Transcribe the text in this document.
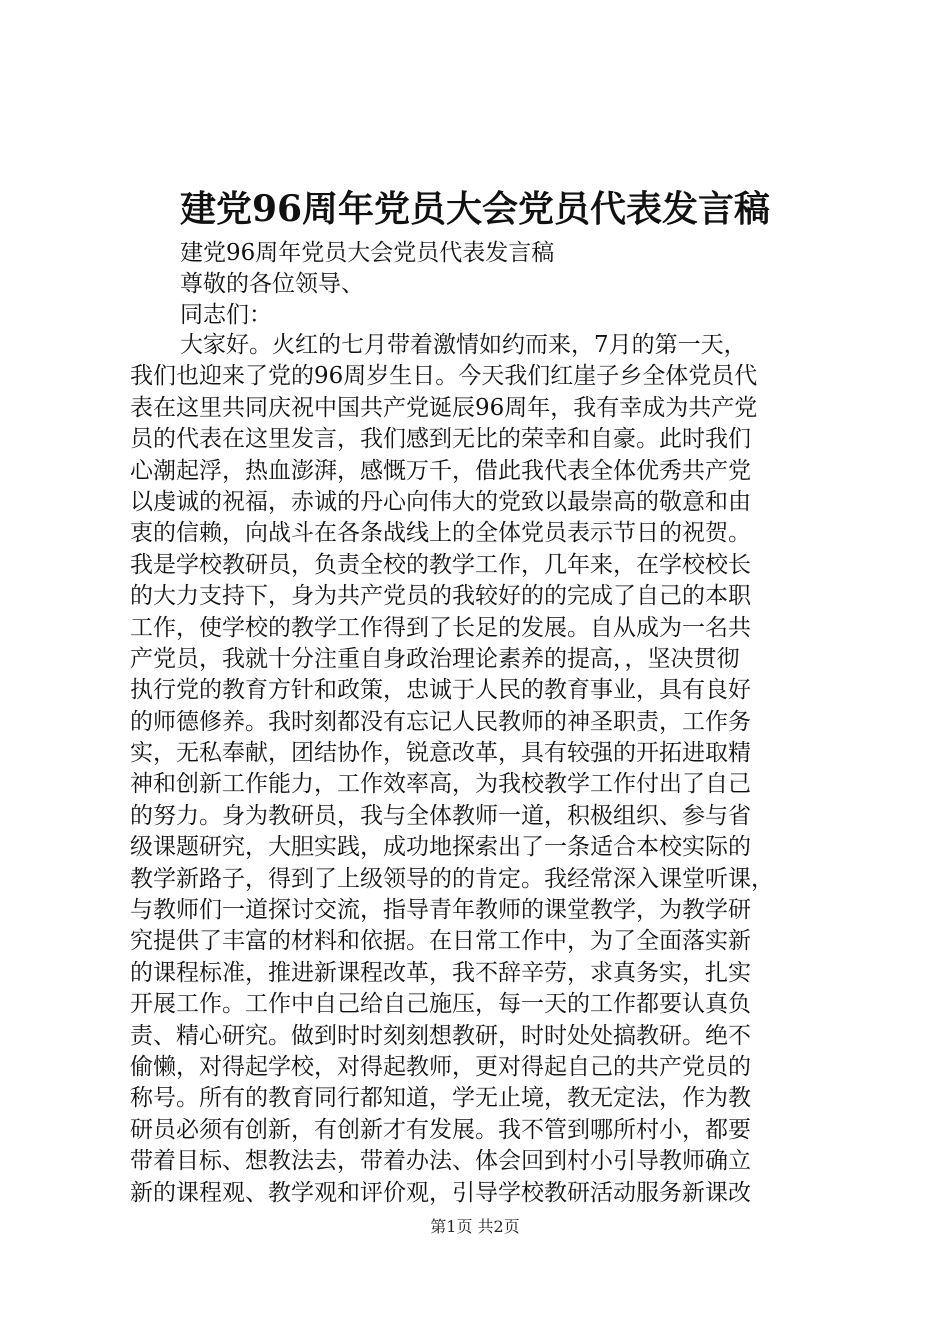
建党96周年党员大会党员代表发言稿
建党96周年党员大会党员代表发言稿
尊敬的各位领导、
同志们：
大家好。火红的七月带着激情如约而来，7月的第一天，
我们也迎来了党的96周岁生日。今天我们红崖子乡全体党员代
表在这里共同庆祝中国共产党诞辰96周年，我有幸成为共产党
员的代表在这里发言，我们感到无比的荣幸和自豪。此时我们
心潮起浮，热血澎湃，感慨万千，借此我代表全体优秀共产党
以虔诚的祝福，赤诚的丹心向伟大的党致以最崇高的敬意和由
衷的信赖，向战斗在各条战线上的全体党员表示节日的祝贺。
我是学校教研员，负责全校的教学工作，几年来，在学校校长
的大力支持下，身为共产党员的我较好的的完成了自己的本职
工作，使学校的教学工作得到了长足的发展。自从成为一名共
产党员，我就十分注重自身政治理论素养的提高，，坚决贯彻
执行党的教育方针和政策，忠诚于人民的教育事业，具有良好
的师德修养。我时刻都没有忘记人民教师的神圣职责，工作务
实，无私奉献，团结协作，锐意改革，具有较强的开拓进取精
神和创新工作能力，工作效率高，为我校教学工作付出了自己
的努力。身为教研员，我与全体教师一道，积极组织、参与省
级课题研究，大胆实践，成功地探索出了一条适合本校实际的
教学新路子，得到了上级领导的的肯定。我经常深入课堂听课，
与教师们一道探讨交流，指导青年教师的课堂教学，为教学研
究提供了丰富的材料和依据。在日常工作中，为了全面落实新
的课程标准，推进新课程改革，我不辞辛劳，求真务实，扎实
开展工作。工作中自己给自己施压，每一天的工作都要认真负
责、精心研究。做到时时刻刻想教研，时时处处搞教研。绝不
偷懒，对得起学校，对得起教师，更对得起自己的共产党员的
称号。所有的教育同行都知道，学无止境，教无定法，作为教
研员必须有创新，有创新才有发展。我不管到哪所村小，都要
带着目标、想教法去，带着办法、体会回到村小引导教师确立
新的课程观、教学观和评价观，引导学校教研活动服务新课改
第1页 共2页
